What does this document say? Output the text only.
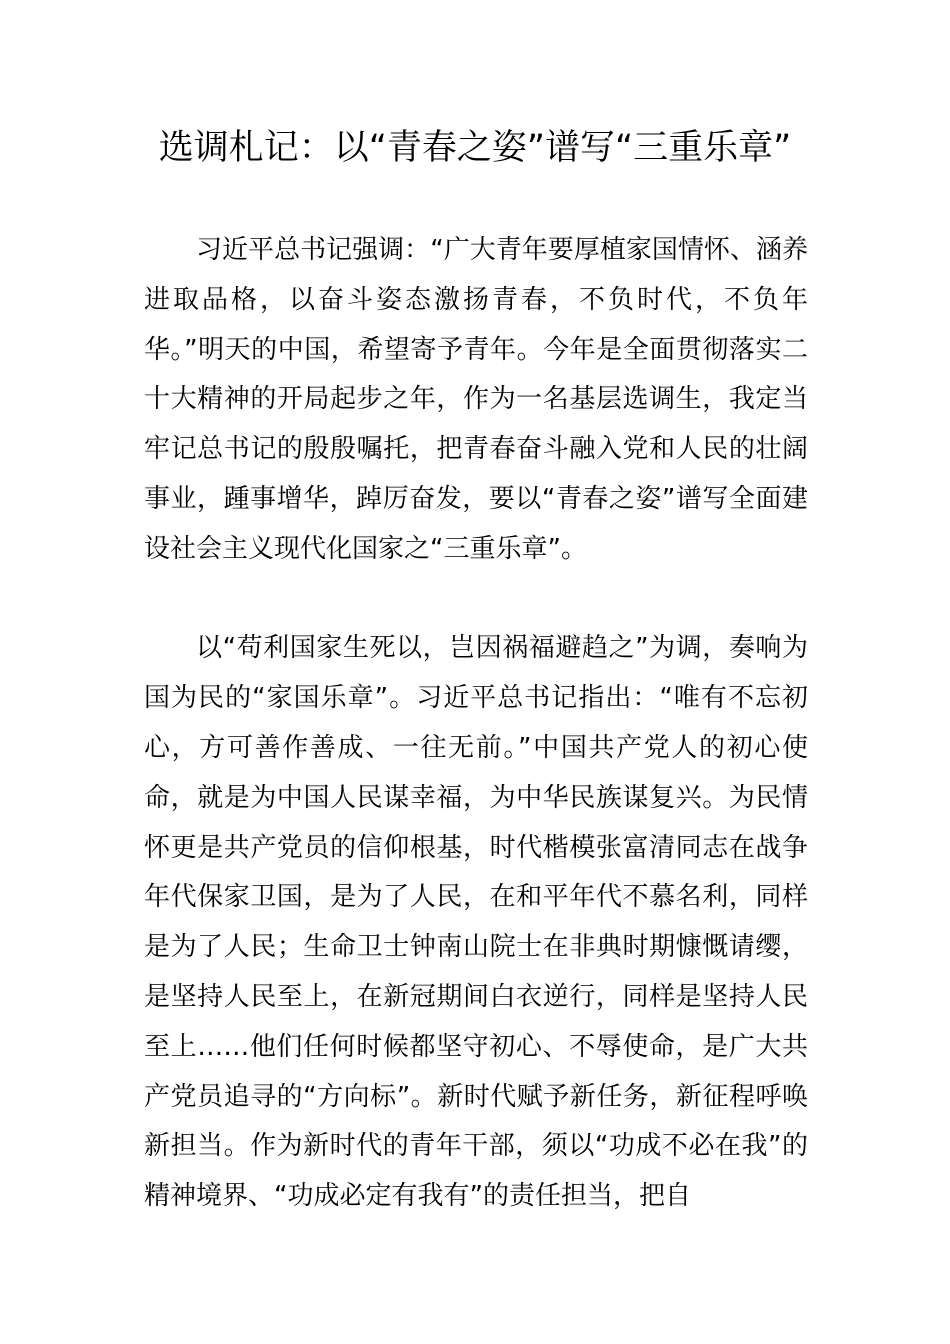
选调札记：以“青春之姿”谱写“三重乐章”

习近平总书记强调：“广大青年要厚植家国情怀、涵养进取品格，以奋斗姿态激扬青春，不负时代，不负年华。”明天的中国，希望寄予青年。今年是全面贯彻落实二十大精神的开局起步之年，作为一名基层选调生，我定当牢记总书记的殷殷嘱托，把青春奋斗融入党和人民的壮阔事业，踵事增华，踔厉奋发，要以“青春之姿”谱写全面建设社会主义现代化国家之“三重乐章”。

以“苟利国家生死以，岂因祸福避趋之”为调，奏响为国为民的“家国乐章”。习近平总书记指出：“唯有不忘初心，方可善作善成、一往无前。”中国共产党人的初心使命，就是为中国人民谋幸福，为中华民族谋复兴。为民情怀更是共产党员的信仰根基，时代楷模张富清同志在战争年代保家卫国，是为了人民，在和平年代不慕名利，同样是为了人民；生命卫士钟南山院士在非典时期慷慨请缨，是坚持人民至上，在新冠期间白衣逆行，同样是坚持人民至上……他们任何时候都坚守初心、不辱使命，是广大共产党员追寻的“方向标”。新时代赋予新任务，新征程呼唤新担当。作为新时代的青年干部，须以“功成不必在我”的精神境界、“功成必定有我有”的责任担当，把自
